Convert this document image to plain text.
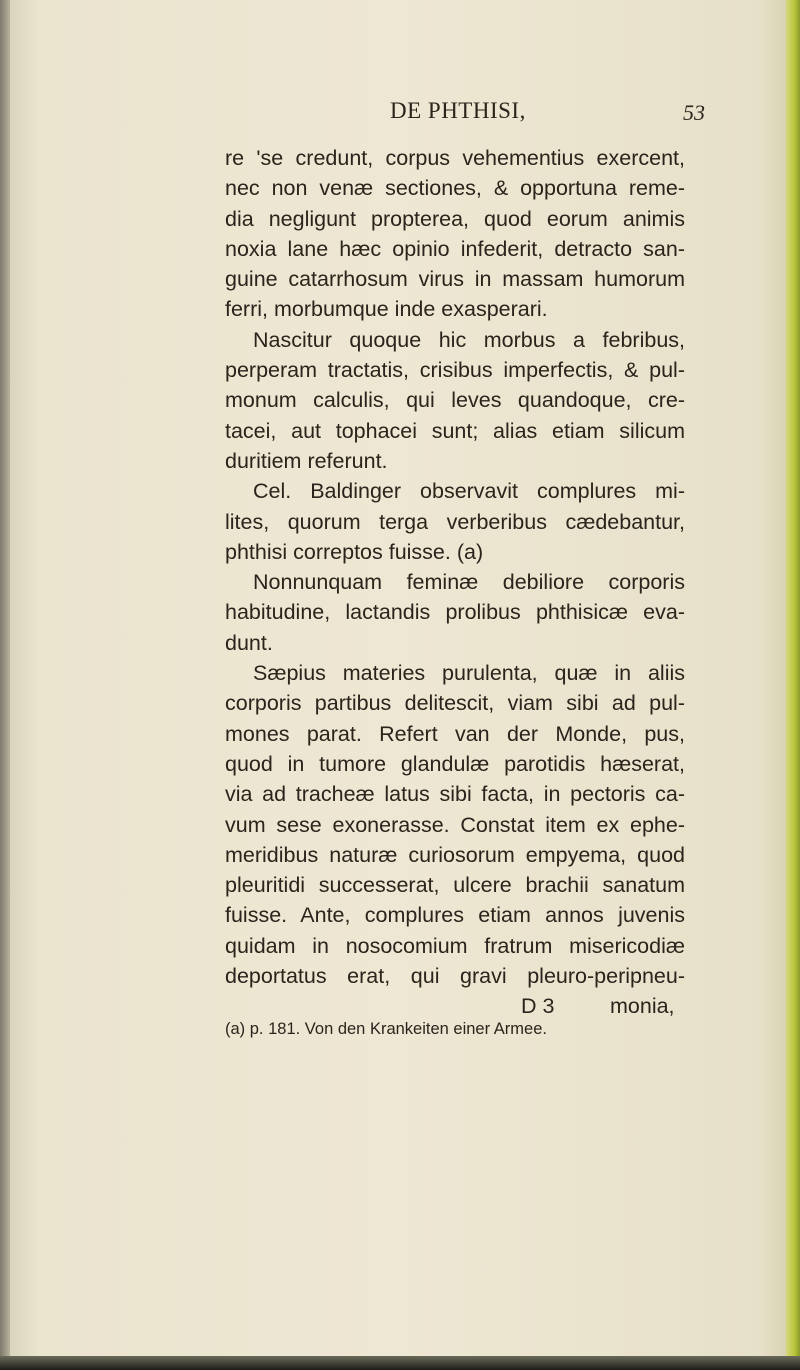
DE PHTHISI,	53
re 'se credunt, corpus vehementius exercent,
nec non venæ sectiones, & opportuna reme-
dia negligunt propterea, quod eorum animis
noxia lane hæc opinio infederit, detracto san-
guine catarrhosum virus in massam humorum
ferri, morbumque inde exasperari.
Nascitur quoque hic morbus a febribus,
perperam tractatis, crisibus imperfectis, & pul-
monum calculis, qui leves quandoque, cre-
tacei, aut tophacei sunt; alias etiam silicum
duritiem referunt.
Cel. Baldinger observavit complures mi-
lites, quorum terga verberibus cædebantur,
phthisi correptos fuisse. (a)
Nonnunquam feminæ debiliore corporis
habitudine, lactandis prolibus phthisicæ eva-
dunt.
Sæpius materies purulenta, quæ in aliis
corporis partibus delitescit, viam sibi ad pul-
mones parat. Refert van der Monde, pus,
quod in tumore glandulæ parotidis hæserat,
via ad tracheæ latus sibi facta, in pectoris ca-
vum sese exonerasse. Constat item ex ephe-
meridibus naturæ curiosorum empyema, quod
pleuritidi successerat, ulcere brachii sanatum
fuisse. Ante, complures etiam annos juvenis
quidam in nosocomium fratrum misericodiæ
deportatus erat, qui gravi pleuro-peripneu-
D 3	monia,
(a) p. 181. Von den Krankeiten einer Armee.
